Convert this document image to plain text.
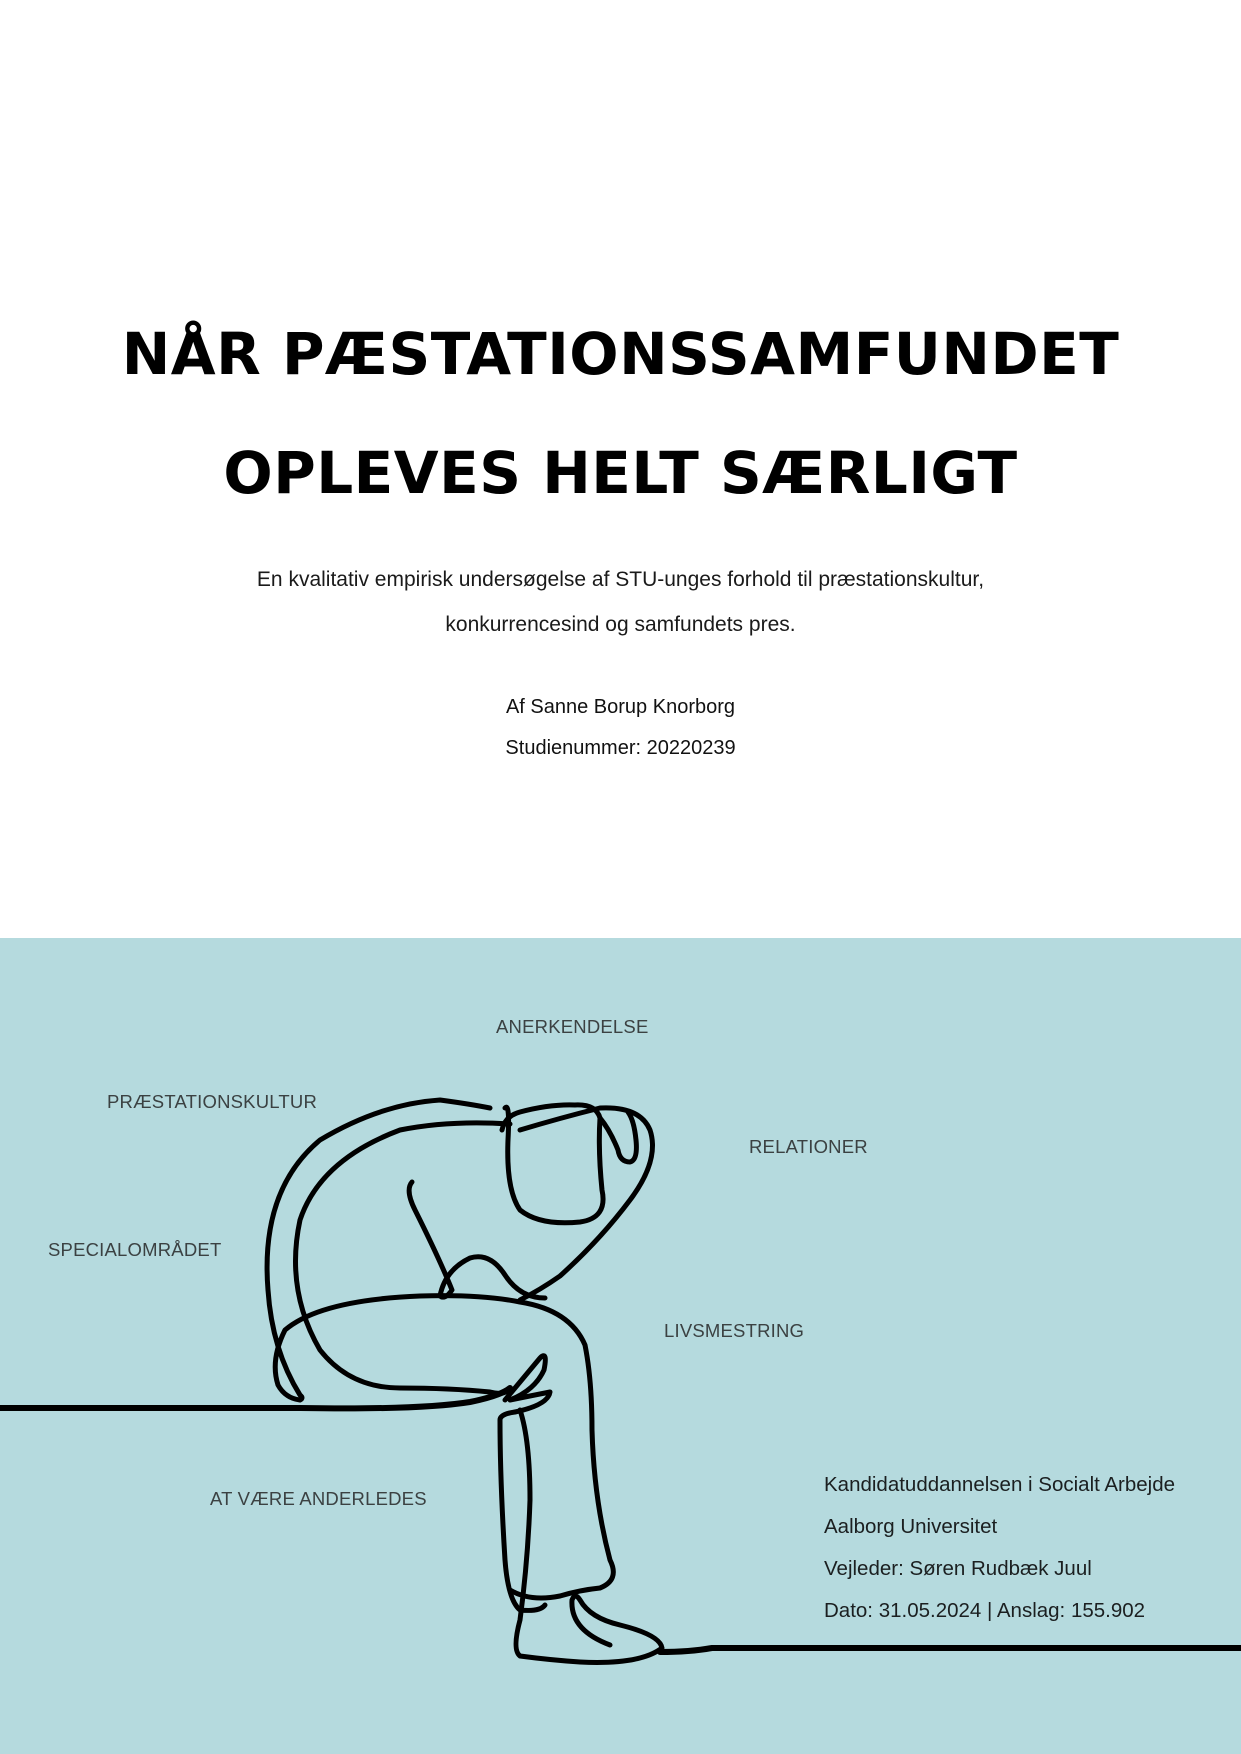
NÅR PÆSTATIONSSAMFUNDET
OPLEVES HELT SÆRLIGT
En kvalitativ empirisk undersøgelse af STU-unges forhold til præstationskultur,
konkurrencesind og samfundets pres.
Af Sanne Borup Knorborg
Studienummer: 20220239
ANERKENDELSE
PRÆSTATIONSKULTUR
RELATIONER
SPECIALOMRÅDET
LIVSMESTRING
AT VÆRE ANDERLEDES
Kandidatuddannelsen i Socialt Arbejde
Aalborg Universitet
Vejleder: Søren Rudbæk Juul
Dato: 31.05.2024 | Anslag: 155.902
